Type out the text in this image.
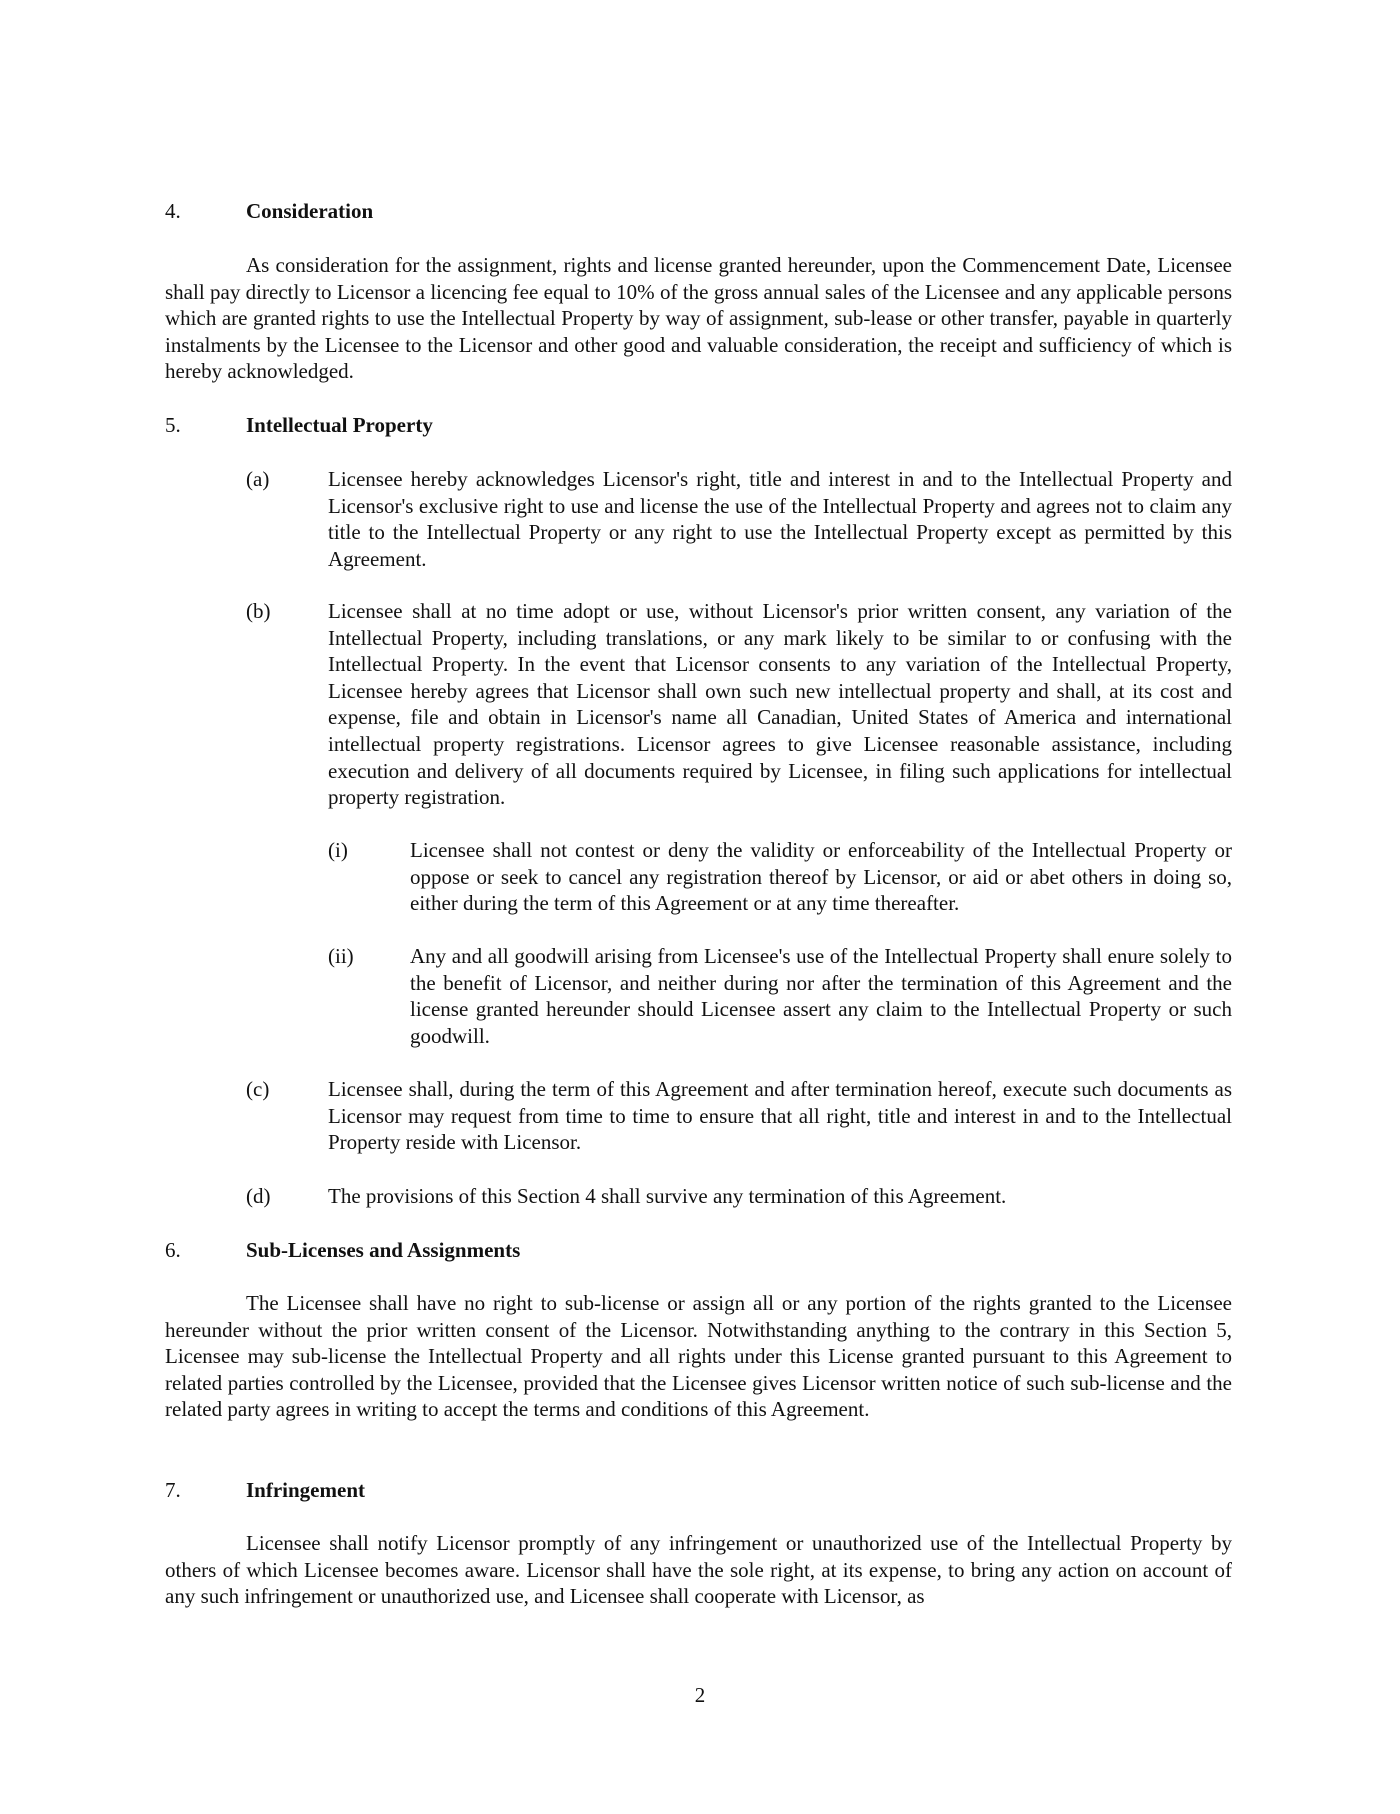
4.	Consideration

As consideration for the assignment, rights and license granted hereunder, upon the Commencement Date, Licensee shall pay directly to Licensor a licencing fee equal to 10% of the gross annual sales of the Licensee and any applicable persons which are granted rights to use the Intellectual Property by way of assignment, sub-lease or other transfer, payable in quarterly instalments by the Licensee to the Licensor and other good and valuable consideration, the receipt and sufficiency of which is hereby acknowledged.

5.	Intellectual Property
(a)	Licensee hereby acknowledges Licensor's right, title and interest in and to the Intellectual Property and Licensor's exclusive right to use and license the use of the Intellectual Property and agrees not to claim any title to the Intellectual Property or any right to use the Intellectual Property except as permitted by this Agreement.

(b)	Licensee shall at no time adopt or use, without Licensor's prior written consent, any variation of the Intellectual Property, including translations, or any mark likely to be similar to or confusing with the Intellectual Property. In the event that Licensor consents to any variation of the Intellectual Property, Licensee hereby agrees that Licensor shall own such new intellectual property and shall, at its cost and expense, file and obtain in Licensor's name all Canadian, United States of America and international intellectual property registrations. Licensor agrees to give Licensee reasonable assistance, including execution and delivery of all documents required by Licensee, in filing such applications for intellectual property registration.

(i)	Licensee shall not contest or deny the validity or enforceability of the Intellectual Property or oppose or seek to cancel any registration thereof by Licensor, or aid or abet others in doing so, either during the term of this Agreement or at any time thereafter.

(ii)	Any and all goodwill arising from Licensee's use of the Intellectual Property shall enure solely to the benefit of Licensor, and neither during nor after the termination of this Agreement and the license granted hereunder should Licensee assert any claim to the Intellectual Property or such goodwill.

(c)	Licensee shall, during the term of this Agreement and after termination hereof, execute such documents as Licensor may request from time to time to ensure that all right, title and interest in and to the Intellectual Property reside with Licensor.

(d)	The provisions of this Section 4 shall survive any termination of this Agreement.

6.	Sub-Licenses and Assignments

The Licensee shall have no right to sub-license or assign all or any portion of the rights granted to the Licensee hereunder without the prior written consent of the Licensor. Notwithstanding anything to the contrary in this Section 5, Licensee may sub-license the Intellectual Property and all rights under this License granted pursuant to this Agreement to related parties controlled by the Licensee, provided that the Licensee gives Licensor written notice of such sub-license and the related party agrees in writing to accept the terms and conditions of this Agreement.

7.	Infringement

Licensee shall notify Licensor promptly of any infringement or unauthorized use of the Intellectual Property by others of which Licensee becomes aware. Licensor shall have the sole right, at its expense, to bring any action on account of any such infringement or unauthorized use, and Licensee shall cooperate with Licensor, as

2
